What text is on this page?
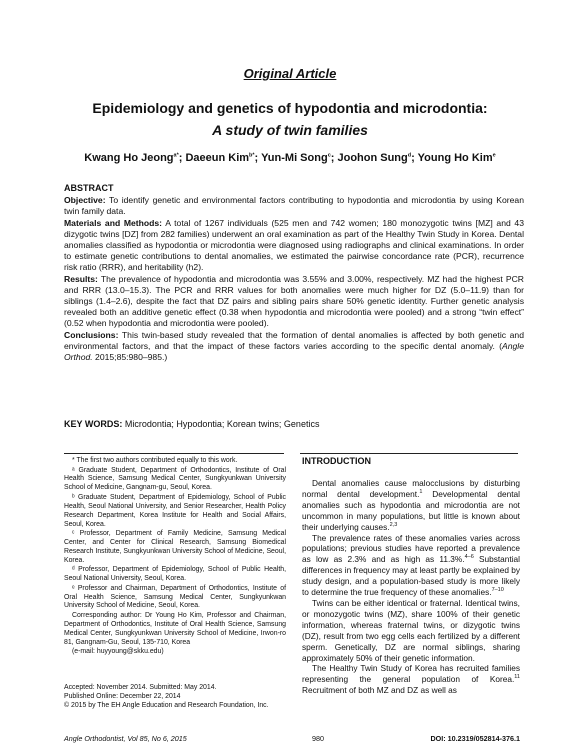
Original Article
Epidemiology and genetics of hypodontia and microdontia:
A study of twin families
Kwang Ho Jeong$^{a*}$; Daeeun Kim$^{b*}$; Yun-Mi Song$^c$; Joohon Sung$^d$; Young Ho Kim$^e$
ABSTRACT

Objective: To identify genetic and environmental factors contributing to hypodontia and microdontia by using Korean twin family data.

Materials and Methods: A total of 1267 individuals (525 men and 742 women; 180 monozygotic twins [MZ] and 43 dizygotic twins [DZ] from 282 families) underwent an oral examination as part of the Healthy Twin Study in Korea. Dental anomalies classified as hypodontia or microdontia were diagnosed using radiographs and clinical examinations. In order to estimate genetic contributions to dental anomalies, we estimated the pairwise concordance rate (PCR), recurrence risk ratio (RRR), and heritability (h2).

Results: The prevalence of hypodontia and microdontia was 3.55% and 3.00%, respectively. MZ had the highest PCR and RRR (13.0–15.3). The PCR and RRR values for both anomalies were much higher for DZ (5.0–11.9) than for siblings (1.4–2.6), despite the fact that DZ pairs and sibling pairs share 50% genetic identity. Further genetic analysis revealed both an additive genetic effect (0.38 when hypodontia and microdontia were pooled) and a strong “twin effect” (0.52 when hypodontia and microdontia were pooled).

Conclusions: This twin-based study revealed that the formation of dental anomalies is affected by both genetic and environmental factors, and that the impact of these factors varies according to the specific dental anomaly. (Angle Orthod. 2015;85:980–985.)

KEY WORDS: Microdontia; Hypodontia; Korean twins; Genetics

* The first two authors contributed equally to this work.

ᵃ Graduate Student, Department of Orthodontics, Institute of Oral Health Science, Samsung Medical Center, Sungkyunkwan University School of Medicine, Gangnam-gu, Seoul, Korea.

ᵇ Graduate Student, Department of Epidemiology, School of Public Health, Seoul National University, and Senior Researcher, Health Policy Research Department, Korea Institute for Health and Social Affairs, Seoul, Korea.

ᶜ Professor, Department of Family Medicine, Samsung Medical Center, and Center for Clinical Research, Samsung Biomedical Research Institute, Sungkyunkwan University School of Medicine, Seoul, Korea.

ᵈ Professor, Department of Epidemiology, School of Public Health, Seoul National University, Seoul, Korea.

ᵉ Professor and Chairman, Department of Orthodontics, Institute of Oral Health Science, Samsung Medical Center, Sungkyunkwan University School of Medicine, Seoul, Korea.

Corresponding author: Dr Young Ho Kim, Professor and Chairman, Department of Orthodontics, Institute of Oral Health Science, Samsung Medical Center, Sungkyunkwan University School of Medicine, Irwon-ro 81, Gangnam-Gu, Seoul, 135-710, Korea

(e-mail: huyyoung@skku.edu)

Accepted: November 2014. Submitted: May 2014.

Published Online: December 22, 2014

© 2015 by The EH Angle Education and Research Foundation, Inc.

INTRODUCTION

Dental anomalies cause malocclusions by disturbing normal dental development.$^1$ Developmental dental anomalies such as hypodontia and microdontia are not uncommon in many populations, but little is known about their underlying causes.$^{2,3}$

The prevalence rates of these anomalies varies across populations; previous studies have reported a prevalence as low as 2.3% and as high as 11.3%.$^{4-6}$ Substantial differences in frequency may at least partly be explained by study design, and a population-based study is more likely to determine the true frequency of these anomalies.$^{7-10}$

Twins can be either identical or fraternal. Identical twins, or monozygotic twins (MZ), share 100% of their genetic information, whereas fraternal twins, or dizygotic twins (DZ), result from two egg cells each fertilized by a different sperm. Genetically, DZ are normal siblings, sharing approximately 50% of their genetic information.

The Healthy Twin Study of Korea has recruited families representing the general population of Korea.$^{11}$ Recruitment of both MZ and DZ as well as

Angle Orthodontist, Vol 85, No 6, 2015	980	DOI: 10.2319/052814-376.1
